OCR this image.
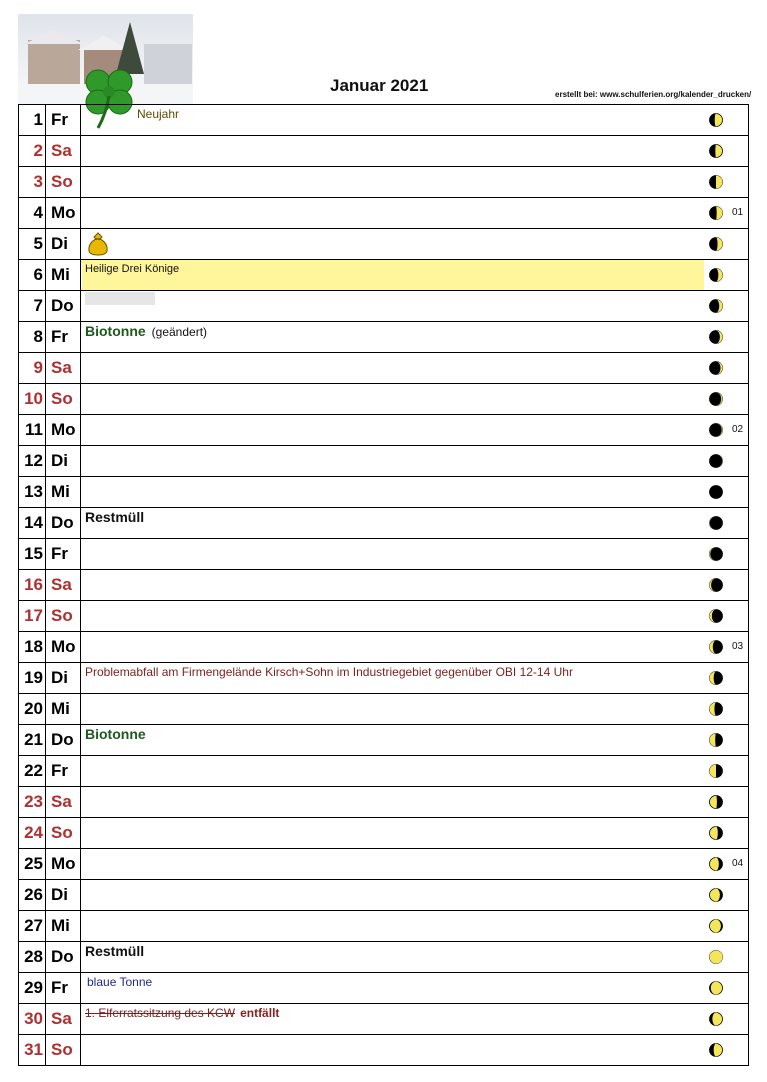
Januar 2021	erstellt bei: www.schulferien.org/kalender_drucken/
1 Fr	Neujahr
2 Sa
3 So
4 Mo	01
5 Di
6 Mi	Heilige Drei Könige
7 Do
8 Fr	Biotonne (geändert)
9 Sa
10 So
11 Mo	02
12 Di
13 Mi
14 Do Restmüll
15 Fr
16 Sa
17 So
18 Mo	03
19 Di	Problemabfall am Firmengelände Kirsch+Sohn im Industriegebiet gegenüber OBI 12-14 Uhr
20 Mi
21 Do Biotonne
22 Fr
23 Sa
24 So
25 Mo	04
26 Di
27 Mi
28 Do Restmüll
29 Fr	blaue Tonne
30 Sa	1. Elferratssitzung des KCW entfällt
31 So
